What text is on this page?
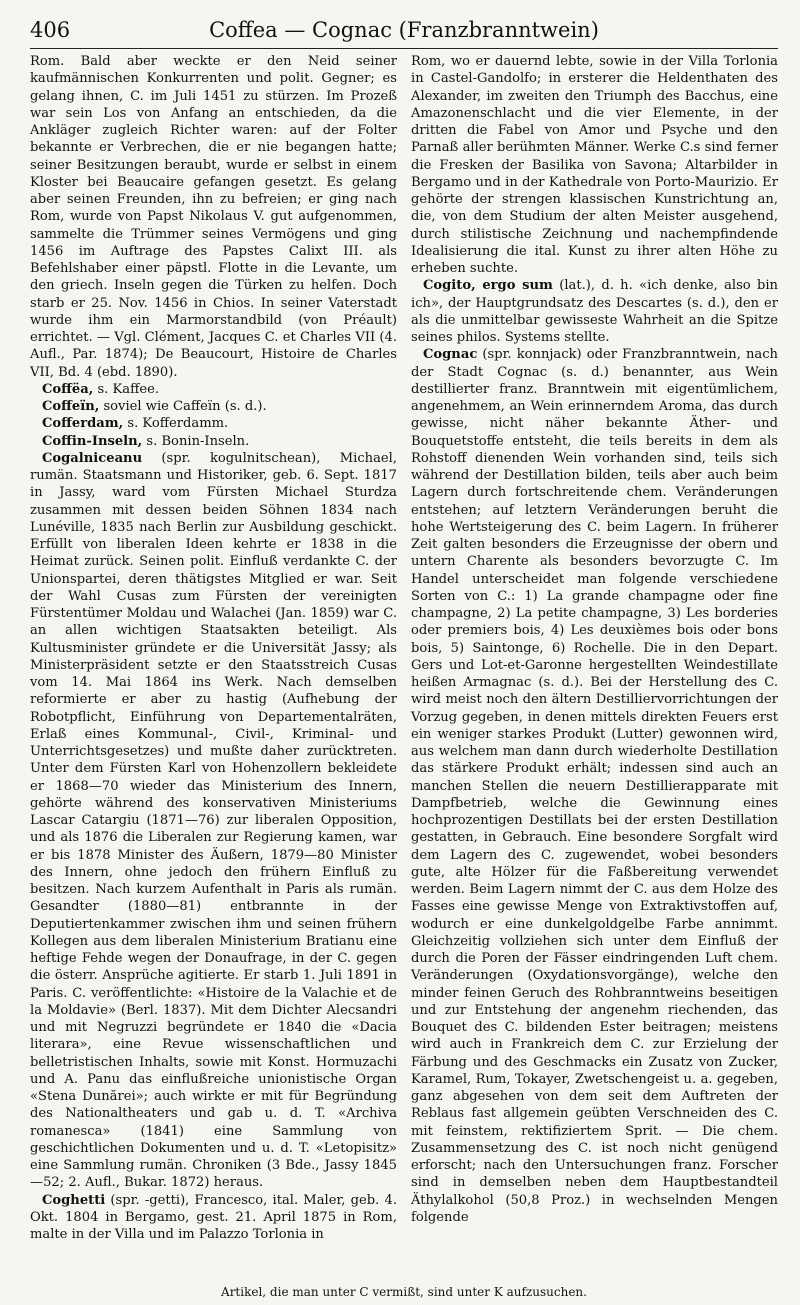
406	Coffea — Cognac (Franzbranntwein)

Rom. Bald aber weckte er den Neid seiner kaufmännischen Konkurrenten und polit. Gegner; es gelang ihnen, C. im Juli 1451 zu stürzen. Im Prozeß war sein Los von Anfang an entschieden, da die Ankläger zugleich Richter waren: auf der Folter bekannte er Verbrechen, die er nie begangen hatte; seiner Besitzungen beraubt, wurde er selbst in einem Kloster bei Beaucaire gefangen gesetzt. Es gelang aber seinen Freunden, ihn zu befreien; er ging nach Rom, wurde von Papst Nikolaus V. gut aufgenommen, sammelte die Trümmer seines Vermögens und ging 1456 im Auftrage des Papstes Calixt III. als Befehlshaber einer päpstl. Flotte in die Levante, um den griech. Inseln gegen die Türken zu helfen. Doch starb er 25. Nov. 1456 in Chios. In seiner Vaterstadt wurde ihm ein Marmorstandbild (von Préault) errichtet. — Vgl. Clément, Jacques C. et Charles VII (4. Aufl., Par. 1874); De Beaucourt, Histoire de Charles VII, Bd. 4 (ebd. 1890).

Coffëa, s. Kaffee.

Coffeïn, soviel wie Caffeïn (s. d.).

Cofferdam, s. Kofferdamm.

Coffin-Inseln, s. Bonin-Inseln.

Cogalniceanu (spr. kogulnitschean), Michael, rumän. Staatsmann und Historiker, geb. 6. Sept. 1817 in Jassy, ward vom Fürsten Michael Sturdza zusammen mit dessen beiden Söhnen 1834 nach Lunéville, 1835 nach Berlin zur Ausbildung geschickt. Erfüllt von liberalen Ideen kehrte er 1838 in die Heimat zurück. Seinen polit. Einfluß verdankte C. der Unionspartei, deren thätigstes Mitglied er war. Seit der Wahl Cusas zum Fürsten der vereinigten Fürstentümer Moldau und Walachei (Jan. 1859) war C. an allen wichtigen Staatsakten beteiligt. Als Kultusminister gründete er die Universität Jassy; als Ministerpräsident setzte er den Staatsstreich Cusas vom 14. Mai 1864 ins Werk. Nach demselben reformierte er aber zu hastig (Aufhebung der Robotpflicht, Einführung von Departementalräten, Erlaß eines Kommunal-, Civil-, Kriminal- und Unterrichtsgesetzes) und mußte daher zurücktreten. Unter dem Fürsten Karl von Hohenzollern bekleidete er 1868—70 wieder das Ministerium des Innern, gehörte während des konservativen Ministeriums Lascar Catargiu (1871—76) zur liberalen Opposition, und als 1876 die Liberalen zur Regierung kamen, war er bis 1878 Minister des Äußern, 1879—80 Minister des Innern, ohne jedoch den frühern Einfluß zu besitzen. Nach kurzem Aufenthalt in Paris als rumän. Gesandter (1880—81) entbrannte in der Deputiertenkammer zwischen ihm und seinen frühern Kollegen aus dem liberalen Ministerium Bratianu eine heftige Fehde wegen der Donaufrage, in der C. gegen die österr. Ansprüche agitierte. Er starb 1. Juli 1891 in Paris. C. veröffentlichte: «Histoire de la Valachie et de la Moldavie» (Berl. 1837). Mit dem Dichter Alecsandri und mit Negruzzi begründete er 1840 die «Dacia literara», eine Revue wissenschaftlichen und belletristischen Inhalts, sowie mit Konst. Hormuzachi und A. Panu das einflußreiche unionistische Organ «Stena Dunărei»; auch wirkte er mit für Begründung des Nationaltheaters und gab u. d. T. «Archiva romanesca» (1841) eine Sammlung von geschichtlichen Dokumenten und u. d. T. «Letopisitz» eine Sammlung rumän. Chroniken (3 Bde., Jassy 1845—52; 2. Aufl., Bukar. 1872) heraus.

Coghetti (spr. -getti), Francesco, ital. Maler, geb. 4. Okt. 1804 in Bergamo, gest. 21. April 1875 in Rom, malte in der Villa und im Palazzo Torlonia in

Rom, wo er dauernd lebte, sowie in der Villa Torlonia in Castel-Gandolfo; in ersterer die Heldenthaten des Alexander, im zweiten den Triumph des Bacchus, eine Amazonenschlacht und die vier Elemente, in der dritten die Fabel von Amor und Psyche und den Parnaß aller berühmten Männer. Werke C.s sind ferner die Fresken der Basilika von Savona; Altarbilder in Bergamo und in der Kathedrale von Porto-Maurizio. Er gehörte der strengen klassischen Kunstrichtung an, die, von dem Studium der alten Meister ausgehend, durch stilistische Zeichnung und nachempfindende Idealisierung die ital. Kunst zu ihrer alten Höhe zu erheben suchte.

Cogito, ergo sum (lat.), d. h. «ich denke, also bin ich», der Hauptgrundsatz des Descartes (s. d.), den er als die unmittelbar gewisseste Wahrheit an die Spitze seines philos. Systems stellte.

Cognac (spr. konnjack) oder Franzbranntwein, nach der Stadt Cognac (s. d.) benannter, aus Wein destillierter franz. Branntwein mit eigentümlichem, angenehmem, an Wein erinnerndem Aroma, das durch gewisse, nicht näher bekannte Äther- und Bouquetstoffe entsteht, die teils bereits in dem als Rohstoff dienenden Wein vorhanden sind, teils sich während der Destillation bilden, teils aber auch beim Lagern durch fortschreitende chem. Veränderungen entstehen; auf letztern Veränderungen beruht die hohe Wertsteigerung des C. beim Lagern. In früherer Zeit galten besonders die Erzeugnisse der obern und untern Charente als besonders bevorzugte C. Im Handel unterscheidet man folgende verschiedene Sorten von C.: 1) La grande champagne oder fine champagne, 2) La petite champagne, 3) Les borderies oder premiers bois, 4) Les deuxièmes bois oder bons bois, 5) Saintonge, 6) Rochelle. Die in den Depart. Gers und Lot-et-Garonne hergestellten Weindestillate heißen Armagnac (s. d.). Bei der Herstellung des C. wird meist noch den ältern Destilliervorrichtungen der Vorzug gegeben, in denen mittels direkten Feuers erst ein weniger starkes Produkt (Lutter) gewonnen wird, aus welchem man dann durch wiederholte Destillation das stärkere Produkt erhält; indessen sind auch an manchen Stellen die neuern Destillierapparate mit Dampfbetrieb, welche die Gewinnung eines hochprozentigen Destillats bei der ersten Destillation gestatten, in Gebrauch. Eine besondere Sorgfalt wird dem Lagern des C. zugewendet, wobei besonders gute, alte Hölzer für die Faßbereitung verwendet werden. Beim Lagern nimmt der C. aus dem Holze des Fasses eine gewisse Menge von Extraktivstoffen auf, wodurch er eine dunkelgoldgelbe Farbe annimmt. Gleichzeitig vollziehen sich unter dem Einfluß der durch die Poren der Fässer eindringenden Luft chem. Veränderungen (Oxydationsvorgänge), welche den minder feinen Geruch des Rohbranntweins beseitigen und zur Entstehung der angenehm riechenden, das Bouquet des C. bildenden Ester beitragen; meistens wird auch in Frankreich dem C. zur Erzielung der Färbung und des Geschmacks ein Zusatz von Zucker, Karamel, Rum, Tokayer, Zwetschengeist u. a. gegeben, ganz abgesehen von dem seit dem Auftreten der Reblaus fast allgemein geübten Verschneiden des C. mit feinstem, rektifiziertem Sprit. — Die chem. Zusammensetzung des C. ist noch nicht genügend erforscht; nach den Untersuchungen franz. Forscher sind in demselben neben dem Hauptbestandteil Äthylalkohol (50,8 Proz.) in wechselnden Mengen folgende

Artikel, die man unter C vermißt, sind unter K aufzusuchen.
